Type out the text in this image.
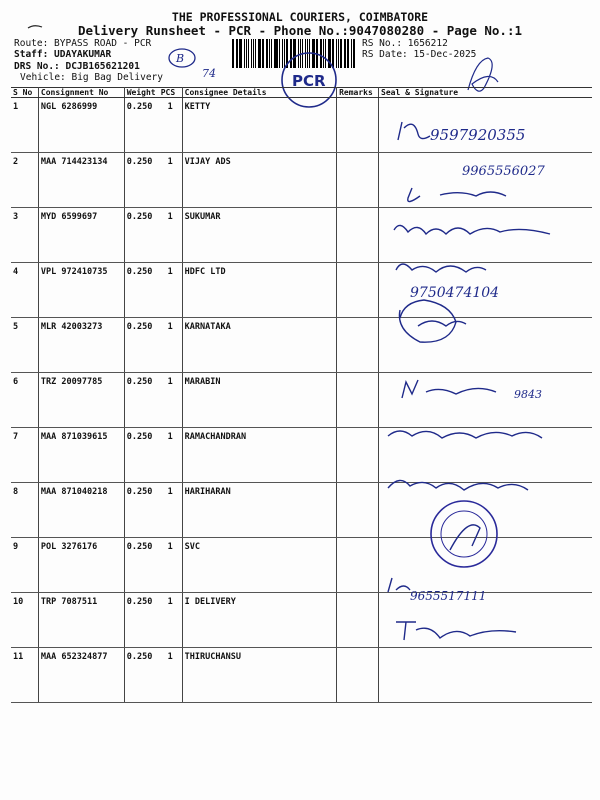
THE PROFESSIONAL COURIERS, COIMBATORE
Delivery Runsheet - PCR - Phone No.:9047080280 - Page No.:1
Route: BYPASS ROAD - PCR
Staff: UDAYAKUMAR
DRS No.: DCJB165621201
Vehicle: Big Bag Delivery
RS No.: 1656212
RS Date: 15-Dec-2025
B
74	PCR
S No	Consignment No	Weight	PCS	Consignee Details	Remarks	Seal & Signature
1	NGL 6286999	0.250	1	KETTY		
2	MAA 714423134	0.250	1	VIJAY ADS		
3	MYD 6599697	0.250	1	SUKUMAR		
4	VPL 972410735	0.250	1	HDFC LTD		
5	MLR 42003273	0.250	1	KARNATAKA		
6	TRZ 20097785	0.250	1	MARABIN		
7	MAA 871039615	0.250	1	RAMACHANDRAN		
8	MAA 871040218	0.250	1	HARIHARAN		
9	POL 3276176	0.250	1	SVC		
10	TRP 7087511	0.250	1	I DELIVERY		
11	MAA 652324877	0.250	1	THIRUCHANSU		
9597920355
9965556027
9750474104
9843
9655517111
